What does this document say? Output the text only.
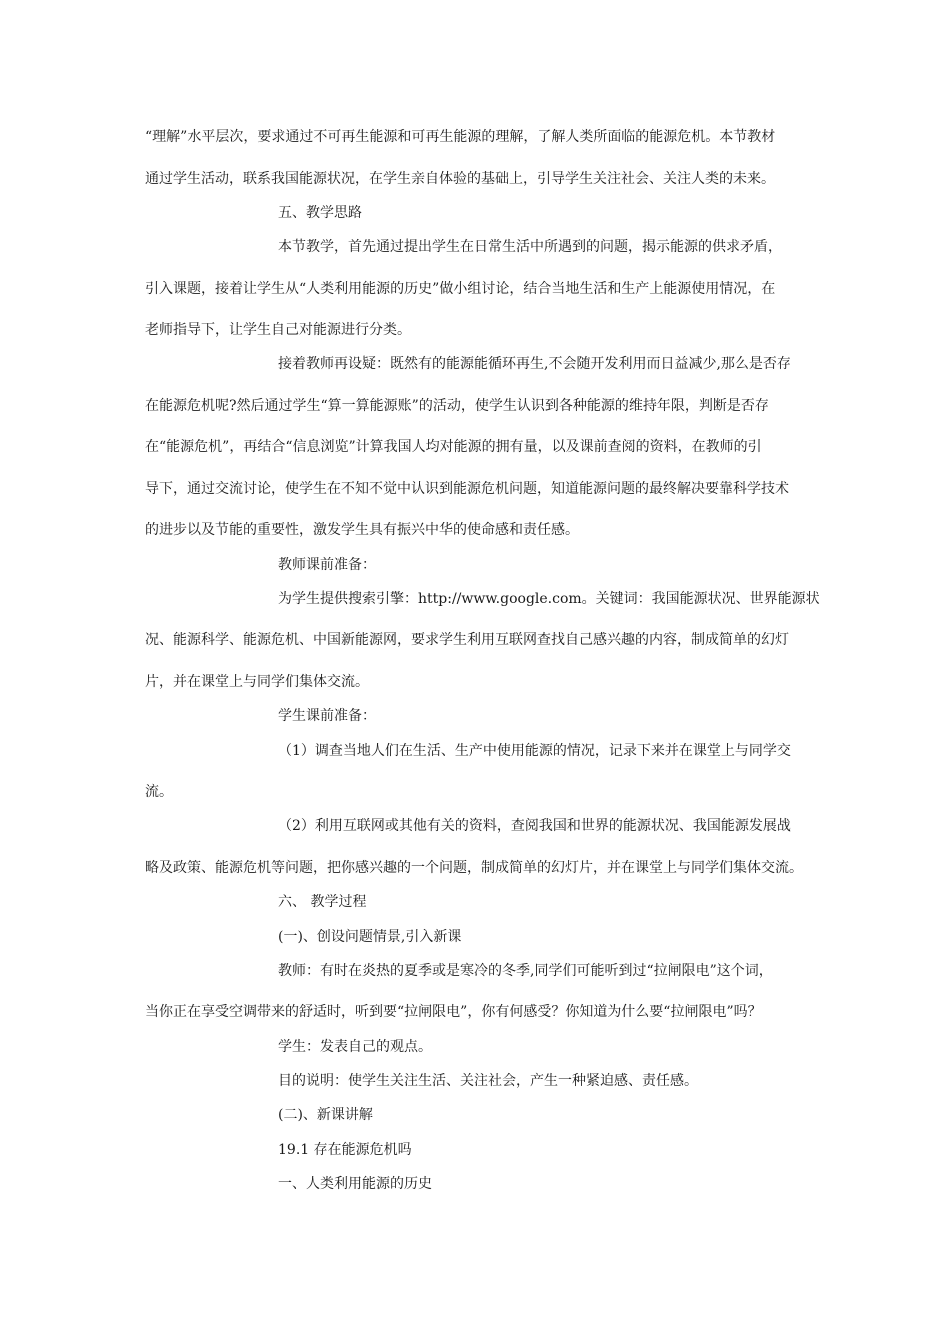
“理解”水平层次，要求通过不可再生能源和可再生能源的理解，了解人类所面临的能源危机。本节教材
通过学生活动，联系我国能源状况，在学生亲自体验的基础上，引导学生关注社会、关注人类的未来。
五、教学思路
本节教学，首先通过提出学生在日常生活中所遇到的问题，揭示能源的供求矛盾，
引入课题，接着让学生从“人类利用能源的历史”做小组讨论，结合当地生活和生产上能源使用情况，在
老师指导下，让学生自己对能源进行分类。
接着教师再设疑：既然有的能源能循环再生,不会随开发利用而日益减少,那么是否存
在能源危机呢?然后通过学生“算一算能源账”的活动，使学生认识到各种能源的维持年限，判断是否存
在“能源危机”，再结合“信息浏览”计算我国人均对能源的拥有量，以及课前查阅的资料，在教师的引
导下，通过交流讨论，使学生在不知不觉中认识到能源危机问题，知道能源问题的最终解决要靠科学技术
的进步以及节能的重要性，激发学生具有振兴中华的使命感和责任感。
教师课前准备：
为学生提供搜索引擎：http://www.google.com。关键词：我国能源状况、世界能源状
况、能源科学、能源危机、中国新能源网，要求学生利用互联网查找自己感兴趣的内容，制成简单的幻灯
片，并在课堂上与同学们集体交流。
学生课前准备：
（1）调查当地人们在生活、生产中使用能源的情况，记录下来并在课堂上与同学交
流。
（2）利用互联网或其他有关的资料，查阅我国和世界的能源状况、我国能源发展战
略及政策、能源危机等问题，把你感兴趣的一个问题，制成简单的幻灯片，并在课堂上与同学们集体交流。
六、 教学过程
(一)、创设问题情景,引入新课
教师：有时在炎热的夏季或是寒冷的冬季,同学们可能听到过“拉闸限电”这个词，
当你正在享受空调带来的舒适时，听到要“拉闸限电”，你有何感受？你知道为什么要“拉闸限电”吗？
学生：发表自己的观点。
目的说明：使学生关注生活、关注社会，产生一种紧迫感、责任感。
(二)、新课讲解
19.1 存在能源危机吗
一、人类利用能源的历史
